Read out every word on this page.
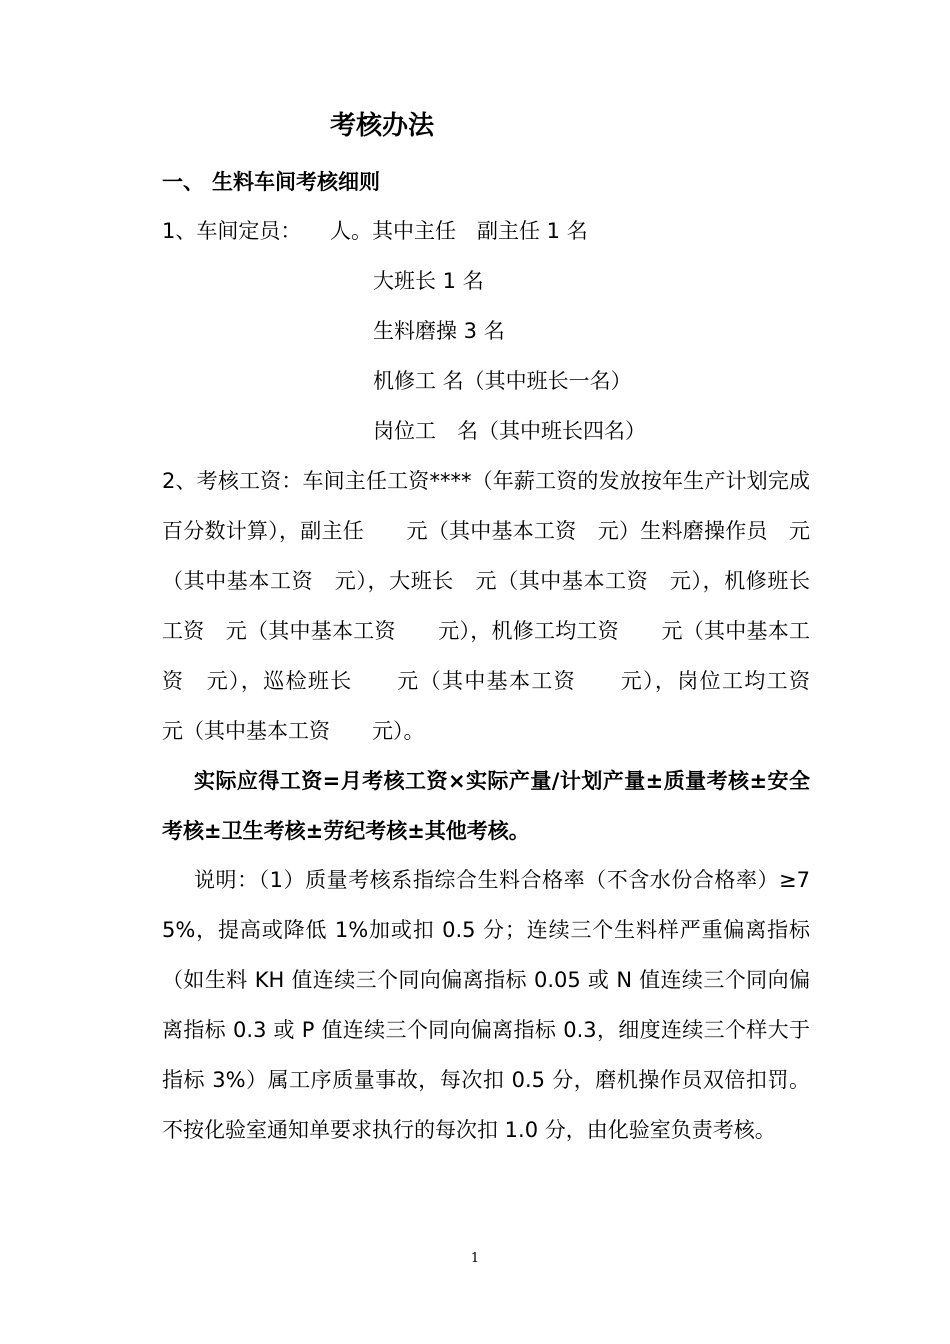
考核办法
一、 生料车间考核细则
1、车间定员： 人。其中主任　副主任 1 名
大班长 1 名
生料磨操 3 名
机修工 名（其中班长一名）
岗位工　名（其中班长四名）
2、考核工资：车间主任工资****（年薪工资的发放按年生产计划完成百分数计算），副主任　　元（其中基本工资　元）生料磨操作员　元（其中基本工资　元），大班长　元（其中基本工资　元），机修班长工资　元（其中基本工资　　元），机修工均工资　　元（其中基本工资　元），巡检班长　　元（其中基本工资　　元），岗位工均工资　　元（其中基本工资　　元）。
实际应得工资=月考核工资×实际产量/计划产量±质量考核±安全考核±卫生考核±劳纪考核±其他考核。
说明：（1）质量考核系指综合生料合格率（不含水份合格率）≥75%，提高或降低 1%加或扣 0.5 分；连续三个生料样严重偏离指标（如生料 KH 值连续三个同向偏离指标 0.05 或 N 值连续三个同向偏离指标 0.3 或 P 值连续三个同向偏离指标 0.3，细度连续三个样大于指标 3%）属工序质量事故，每次扣 0.5 分，磨机操作员双倍扣罚。不按化验室通知单要求执行的每次扣 1.0 分，由化验室负责考核。
1
